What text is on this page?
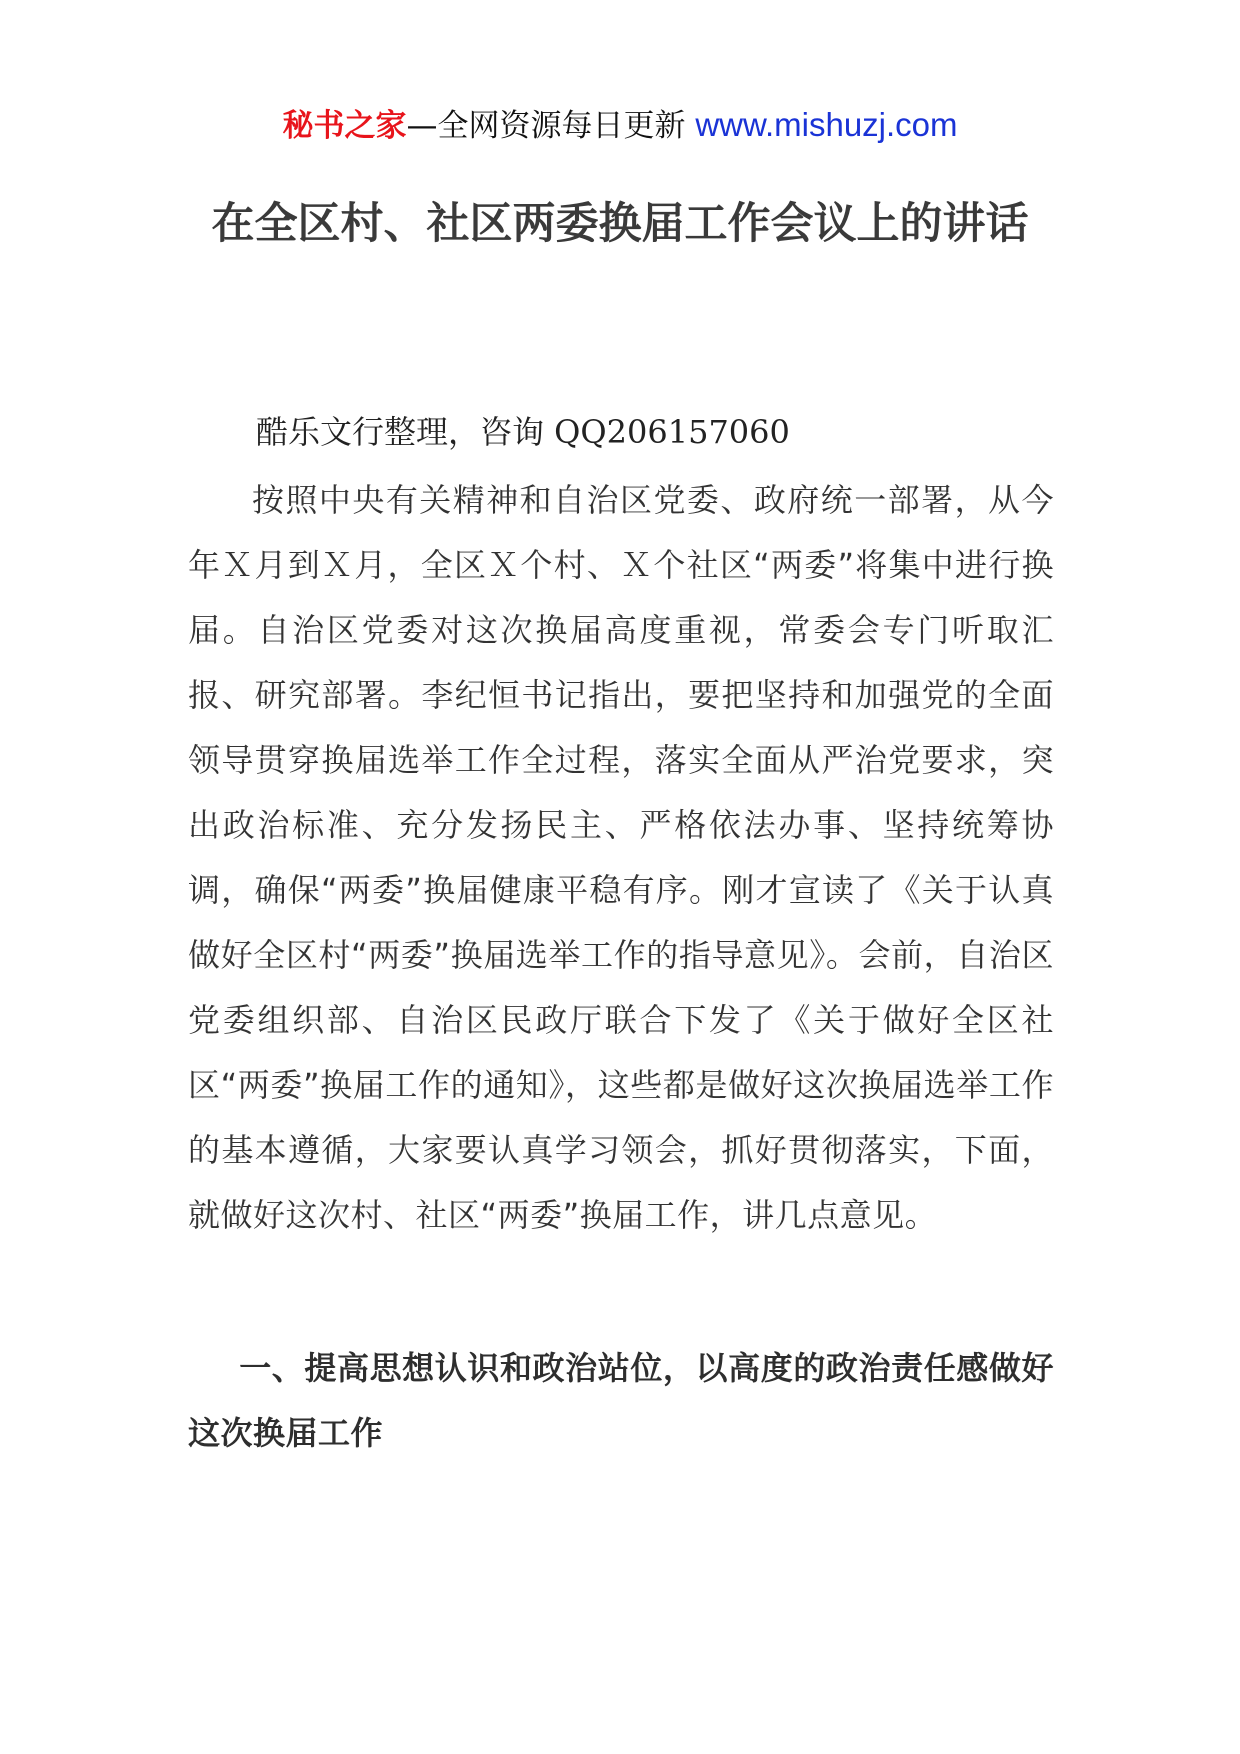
秘书之家—全网资源每日更新 www.mishuzj.com
在全区村、社区两委换届工作会议上的讲话
酷乐文行整理，咨询 QQ206157060

按照中央有关精神和自治区党委、政府统一部署，从今年Ｘ月到Ｘ月，全区Ｘ个村、Ｘ个社区“两委”将集中进行换届。自治区党委对这次换届高度重视，常委会专门听取汇报、研究部署。李纪恒书记指出，要把坚持和加强党的全面领导贯穿换届选举工作全过程，落实全面从严治党要求，突出政治标准、充分发扬民主、严格依法办事、坚持统筹协调，确保“两委”换届健康平稳有序。刚才宣读了《关于认真做好全区村“两委”换届选举工作的指导意见》。会前，自治区党委组织部、自治区民政厅联合下发了《关于做好全区社区“两委”换届工作的通知》，这些都是做好这次换届选举工作的基本遵循，大家要认真学习领会，抓好贯彻落实，下面，就做好这次村、社区“两委”换届工作，讲几点意见。

一、提高思想认识和政治站位，以高度的政治责任感做好这次换届工作
